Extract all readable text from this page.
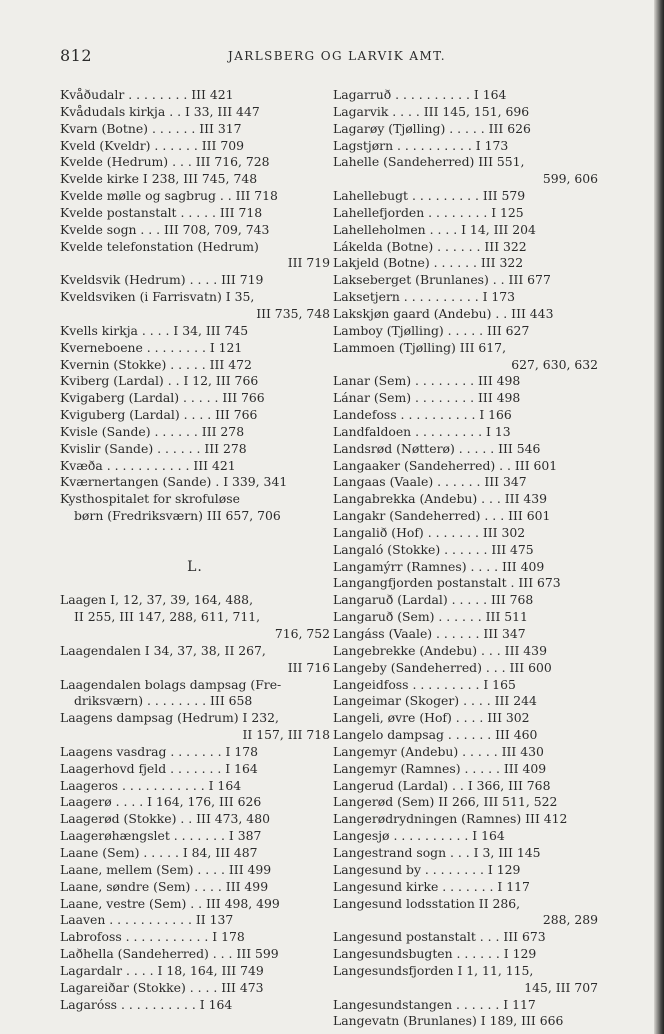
812	JARLSBERG OG LARVIK AMT.
Kvåðudalr . . . . . . . . III 421
Kvådudals kirkja . . I 33, III 447
Kvarn (Botne) . . . . . . III 317
Kveld (Kveldr) . . . . . . III 709
Kvelde (Hedrum) . . . III 716, 728
Kvelde kirke I 238, III 745, 748
Kvelde mølle og sagbrug . . III 718
Kvelde postanstalt . . . . . III 718
Kvelde sogn . . . III 708, 709, 743
Kvelde telefonstation (Hedrum)
III 719
Kveldsvik (Hedrum) . . . . III 719
Kveldsviken (i Farrisvatn) I 35,
III 735, 748
Kvells kirkja . . . . I 34, III 745
Kverneboene . . . . . . . . I 121
Kvernin (Stokke) . . . . . III 472
Kviberg (Lardal) . . I 12, III 766
Kvigaberg (Lardal) . . . . . III 766
Kviguberg (Lardal) . . . . III 766
Kvisle (Sande) . . . . . . III 278
Kvislir (Sande) . . . . . . III 278
Kvæða . . . . . . . . . . . III 421
Kværnertangen (Sande) . I 339, 341
Kysthospitalet for skrofuløse
børn (Fredriksværn) III 657, 706
L.
Laagen I, 12, 37, 39, 164, 488,
II 255, III 147, 288, 611, 711,
716, 752
Laagendalen I 34, 37, 38, II 267,
III 716
Laagendalen bolags dampsag (Fre-
driksværn) . . . . . . . . III 658
Laagens dampsag (Hedrum) I 232,
II 157, III 718
Laagens vasdrag . . . . . . . I 178
Laagerhovd fjeld . . . . . . . I 164
Laageros . . . . . . . . . . . I 164
Laagerø . . . . I 164, 176, III 626
Laagerød (Stokke) . . III 473, 480
Laagerøhængslet . . . . . . . I 387
Laane (Sem) . . . . . I 84, III 487
Laane, mellem (Sem) . . . . III 499
Laane, søndre (Sem) . . . . III 499
Laane, vestre (Sem) . . III 498, 499
Laaven . . . . . . . . . . . II 137
Labrofoss . . . . . . . . . . . I 178
Laðhella (Sandeherred) . . . III 599
Lagardalr . . . . I 18, 164, III 749
Lagareiðar (Stokke) . . . . III 473
Lagaróss . . . . . . . . . . I 164
Lagarruð . . . . . . . . . . I 164
Lagarvik . . . . III 145, 151, 696
Lagarøy (Tjølling) . . . . . III 626
Lagstjørn . . . . . . . . . . I 173
Lahelle (Sandeherred) III 551,
599, 606
Lahellebugt . . . . . . . . . III 579
Lahellefjorden . . . . . . . . I 125
Lahelleholmen . . . . I 14, III 204
Lákelda (Botne) . . . . . . III 322
Lakjeld (Botne) . . . . . . III 322
Lakseberget (Brunlanes) . . III 677
Laksetjern . . . . . . . . . . I 173
Lakskjøn gaard (Andebu) . . III 443
Lamboy (Tjølling) . . . . . III 627
Lammoen (Tjølling) III 617,
627, 630, 632
Lanar (Sem) . . . . . . . . III 498
Lánar (Sem) . . . . . . . . III 498
Landefoss . . . . . . . . . . I 166
Landfaldoen . . . . . . . . . I 13
Landsrød (Nøtterø) . . . . . III 546
Langaaker (Sandeherred) . . III 601
Langaas (Vaale) . . . . . . III 347
Langabrekka (Andebu) . . . III 439
Langakr (Sandeherred) . . . III 601
Langalið (Hof) . . . . . . . III 302
Langaló (Stokke) . . . . . . III 475
Langamýrr (Ramnes) . . . . III 409
Langangfjorden postanstalt . III 673
Langaruð (Lardal) . . . . . III 768
Langaruð (Sem) . . . . . . III 511
Langáss (Vaale) . . . . . . III 347
Langebrekke (Andebu) . . . III 439
Langeby (Sandeherred) . . . III 600
Langeidfoss . . . . . . . . . I 165
Langeimar (Skoger) . . . . III 244
Langeli, øvre (Hof) . . . . III 302
Langelo dampsag . . . . . . III 460
Langemyr (Andebu) . . . . . III 430
Langemyr (Ramnes) . . . . . III 409
Langerud (Lardal) . . I 366, III 768
Langerød (Sem) II 266, III 511, 522
Langerødrydningen (Ramnes) III 412
Langesjø . . . . . . . . . . I 164
Langestrand sogn . . . I 3, III 145
Langesund by . . . . . . . . I 129
Langesund kirke . . . . . . . I 117
Langesund lodsstation II 286,
288, 289
Langesund postanstalt . . . III 673
Langesundsbugten . . . . . . I 129
Langesundsfjorden I 1, 11, 115,
145, III 707
Langesundstangen . . . . . . I 117
Langevatn (Brunlanes) I 189, III 666
